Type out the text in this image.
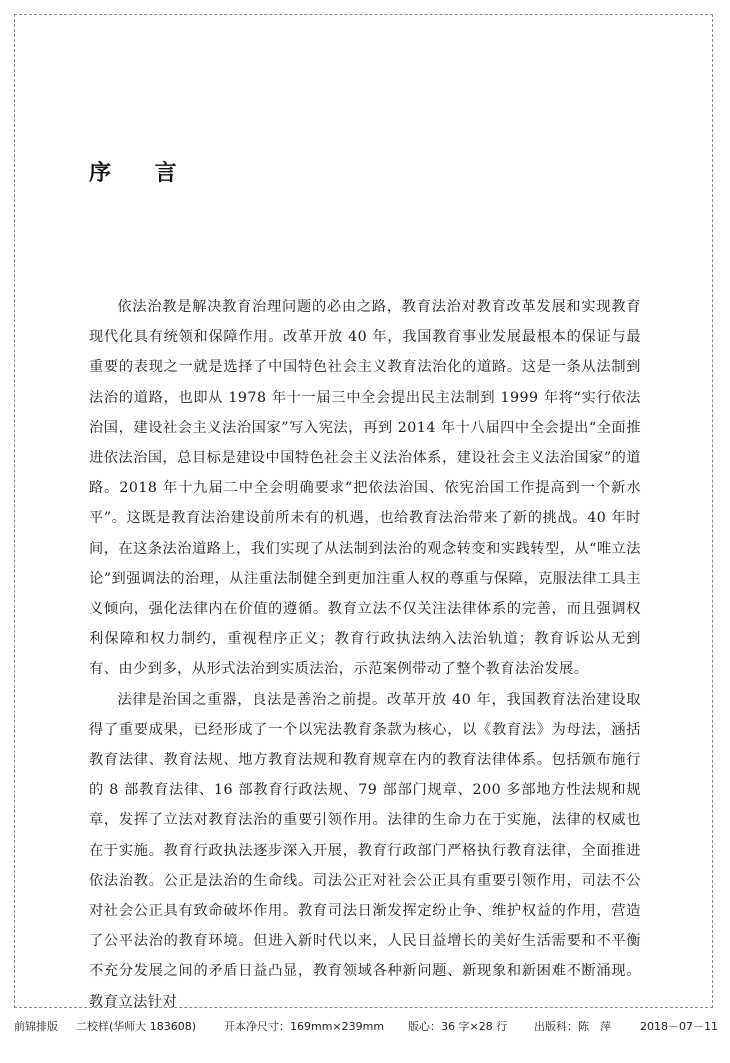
序 言

依法治教是解决教育治理问题的必由之路，教育法治对教育改革发展和实现教育现代化具有统领和保障作用。改革开放 40 年，我国教育事业发展最根本的保证与最重要的表现之一就是选择了中国特色社会主义教育法治化的道路。这是一条从法制到法治的道路，也即从 1978 年十一届三中全会提出民主法制到 1999 年将“实行依法治国，建设社会主义法治国家”写入宪法，再到 2014 年十八届四中全会提出“全面推进依法治国，总目标是建设中国特色社会主义法治体系，建设社会主义法治国家”的道路。2018 年十九届二中全会明确要求“把依法治国、依宪治国工作提高到一个新水平”。这既是教育法治建设前所未有的机遇，也给教育法治带来了新的挑战。40 年时间，在这条法治道路上，我们实现了从法制到法治的观念转变和实践转型，从“唯立法论”到强调法的治理，从注重法制健全到更加注重人权的尊重与保障，克服法律工具主义倾向，强化法律内在价值的遵循。教育立法不仅关注法律体系的完善，而且强调权利保障和权力制约，重视程序正义；教育行政执法纳入法治轨道；教育诉讼从无到有、由少到多，从形式法治到实质法治，示范案例带动了整个教育法治发展。

法律是治国之重器，良法是善治之前提。改革开放 40 年，我国教育法治建设取得了重要成果，已经形成了一个以宪法教育条款为核心，以《教育法》为母法，涵括教育法律、教育法规、地方教育法规和教育规章在内的教育法律体系。包括颁布施行的 8 部教育法律、16 部教育行政法规、79 部部门规章、200 多部地方性法规和规章，发挥了立法对教育法治的重要引领作用。法律的生命力在于实施，法律的权威也在于实施。教育行政执法逐步深入开展，教育行政部门严格执行教育法律，全面推进依法治教。公正是法治的生命线。司法公正对社会公正具有重要引领作用，司法不公对社会公正具有致命破坏作用。教育司法日渐发挥定纷止争、维护权益的作用，营造了公平法治的教育环境。但进入新时代以来，人民日益增长的美好生活需要和不平衡不充分发展之间的矛盾日益凸显，教育领域各种新问题、新现象和新困难不断涌现。教育立法针对

前锦排版 二校样(华师大 183608)	开本净尺寸：169mm×239mm 版心：36 字×28 行 出版科：陈　萍	2018－07－11
